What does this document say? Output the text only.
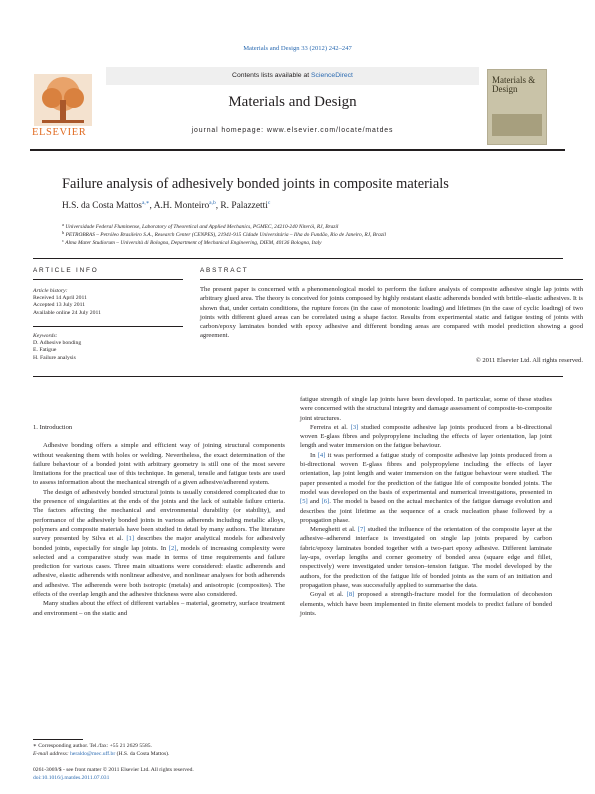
Materials and Design 33 (2012) 242–247
ELSEVIER
Contents lists available at ScienceDirect
Materials and Design
journal homepage: www.elsevier.com/locate/matdes
Materials & Design
Failure analysis of adhesively bonded joints in composite materials
H.S. da Costa Mattos$^{a,∗}$, A.H. Monteiro$^{a,b}$, R. Palazzetti$^c$
$^a$ Universidade Federal Fluminense, Laboratory of Theoretical and Applied Mechanics, PGMEC, 24210-240 Niterói, RJ, Brazil
$^b$ PETROBRAS – Petróleo Brasileiro S.A., Research Center (CENPES), 21941-915 Cidade Universitária – Ilha do Fundão, Rio de Janeiro, RJ, Brazil
$^c$ Alma Mater Studiorum – Università di Bologna, Department of Mechanical Engineering, DIEM, 40136 Bologna, Italy
ARTICLE INFO	ABSTRACT
Article history:
Received 14 April 2011
Accepted 13 July 2011
Available online 24 July 2011
Keywords:
D. Adhesive bonding
E. Fatigue
H. Failure analysis
The present paper is concerned with a phenomenological model to perform the failure analysis of composite adhesive single lap joints with arbitrary glued area. The theory is conceived for joints composed by highly resistant elastic adherends bonded with brittle–elastic adhesives. It is shown that, under certain conditions, the rupture forces (in the case of monotonic loading) and lifetimes (in the case of cyclic loading) of two joints with different glued areas can be correlated using a shape factor. Results from experimental static and fatigue testing of joints with carbon/epoxy laminates bonded with epoxy adhesive and different bonding areas are compared with model prediction showing a good agreement.
© 2011 Elsevier Ltd. All rights reserved.
1. Introduction

Adhesive bonding offers a simple and efficient way of joining structural components without weakening them with holes or welding. Nevertheless, the exact determination of the failure behaviour of a bonded joint with arbitrary geometry is still one of the most severe limitations for the practical use of this technique. In general, tensile and fatigue tests are used to assess information about the mechanical strength of a given adhesive/adherend system.

The design of adhesively bonded structural joints is usually considered complicated due to the presence of singularities at the ends of the joints and the lack of suitable failure criteria. The factors affecting the mechanical and environmental durability (or stability), and performance of the adhesively bonded joints in various adherends including metallic alloys, polymers and composite materials have been studied in detail by many authors. The literature survey presented by Silva et al. [1] describes the major analytical models for adhesively bonded joints, especially for single lap joints. In [2], models of increasing complexity were selected and a comparative study was made in terms of time requirements and failure prediction for various cases. Three main situations were considered: elastic adherends and adhesive, elastic adherends with nonlinear adhesive, and nonlinear analyses for both adherends and adhesive. The adherends were both isotropic (metals) and anisotropic (composites). The effects of the overlap length and the adhesive thickness were also considered.

Many studies about the effect of different variables – material, geometry, surface treatment and environment – on the static and

fatigue strength of single lap joints have been developed. In particular, some of these studies were concerned with the structural integrity and damage assessment of composite-to-composite joint structures.

Ferreira et al. [3] studied composite adhesive lap joints produced from a bi-directional woven E-glass fibres and polypropylene including the effects of layer orientation, lap joint length and water immersion on the fatigue behaviour.

In [4] it was performed a fatigue study of composite adhesive lap joints produced from a bi-directional woven E-glass fibres and polypropylene including the effects of layer orientation, lap joint length and water immersion on the fatigue behaviour were studied. The paper presented a model for the prediction of the fatigue life of composite bonded joints. The model was developed on the basis of experimental and numerical investigations, presented in [5] and [6]. The model is based on the actual mechanics of the fatigue damage evolution and describes the joint lifetime as the sequence of a crack nucleation phase followed by a propagation phase.

Meneghetti et al. [7] studied the influence of the orientation of the composite layer at the adhesive–adherend interface is investigated on single lap joints prepared by carbon fabric/epoxy laminates bonded together with a two-part epoxy adhesive. Different laminate lay-ups, overlap lengths and corner geometry of bonded area (square edge and fillet, respectively) were investigated under tension–tension fatigue. The model developed by the authors, for the prediction of the fatigue life of bonded joints as the sum of an initiation and propagation phase, was successfully applied to summarise the data.

Goyal et al. [8] proposed a strength-fracture model for the formulation of decohesion elements, which have been implemented in finite element models to predict failure of bonded joints.

∗ Corresponding author. Tel./fax: +55 21 2629 5585.
E-mail address: heraldo@mec.uff.br (H.S. da Costa Mattos).
0261-3069/$ - see front matter © 2011 Elsevier Ltd. All rights reserved.
doi:10.1016/j.matdes.2011.07.031
